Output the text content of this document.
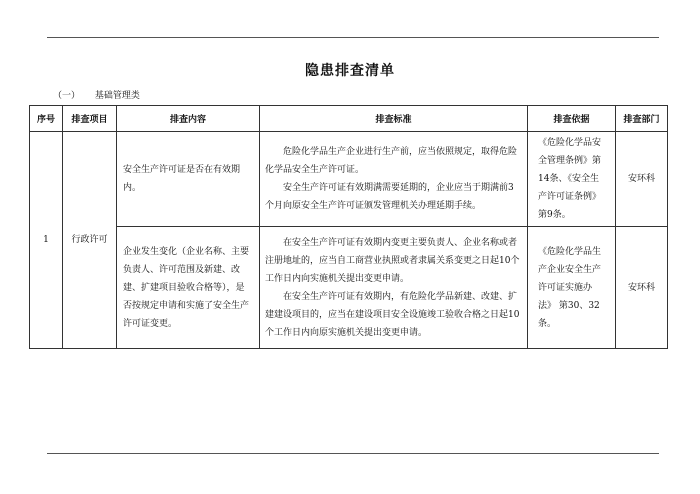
隐患排查清单
（一） 基础管理类
序号	排查项目	排查内容	排查标准	排查依据	排查部门
1	行政许可	安全生产许可证是否在有效期内。	危险化学品生产企业进行生产前，应当依照规定，取得危险化学品安全生产许可证。

安全生产许可证有效期满需要延期的，企业应当于期满前3个月向原安全生产许可证颁发管理机关办理延期手续。	《危险化学品安全管理条例》第14条、《安全生产许可证条例》第9条。	安环科
		企业发生变化（企业名称、主要负责人、许可范围及新建、改建、扩建项目验收合格等），是否按规定申请和实施了安全生产许可证变更。	在安全生产许可证有效期内变更主要负责人、企业名称或者注册地址的，应当自工商营业执照或者隶属关系变更之日起10个工作日内向实施机关提出变更申请。

在安全生产许可证有效期内，有危险化学品新建、改建、扩建建设项目的，应当在建设项目安全设施竣工验收合格之日起10个工作日内向原实施机关提出变更申请。	《危险化学品生产企业安全生产许可证实施办法》 第30、32条。	安环科
